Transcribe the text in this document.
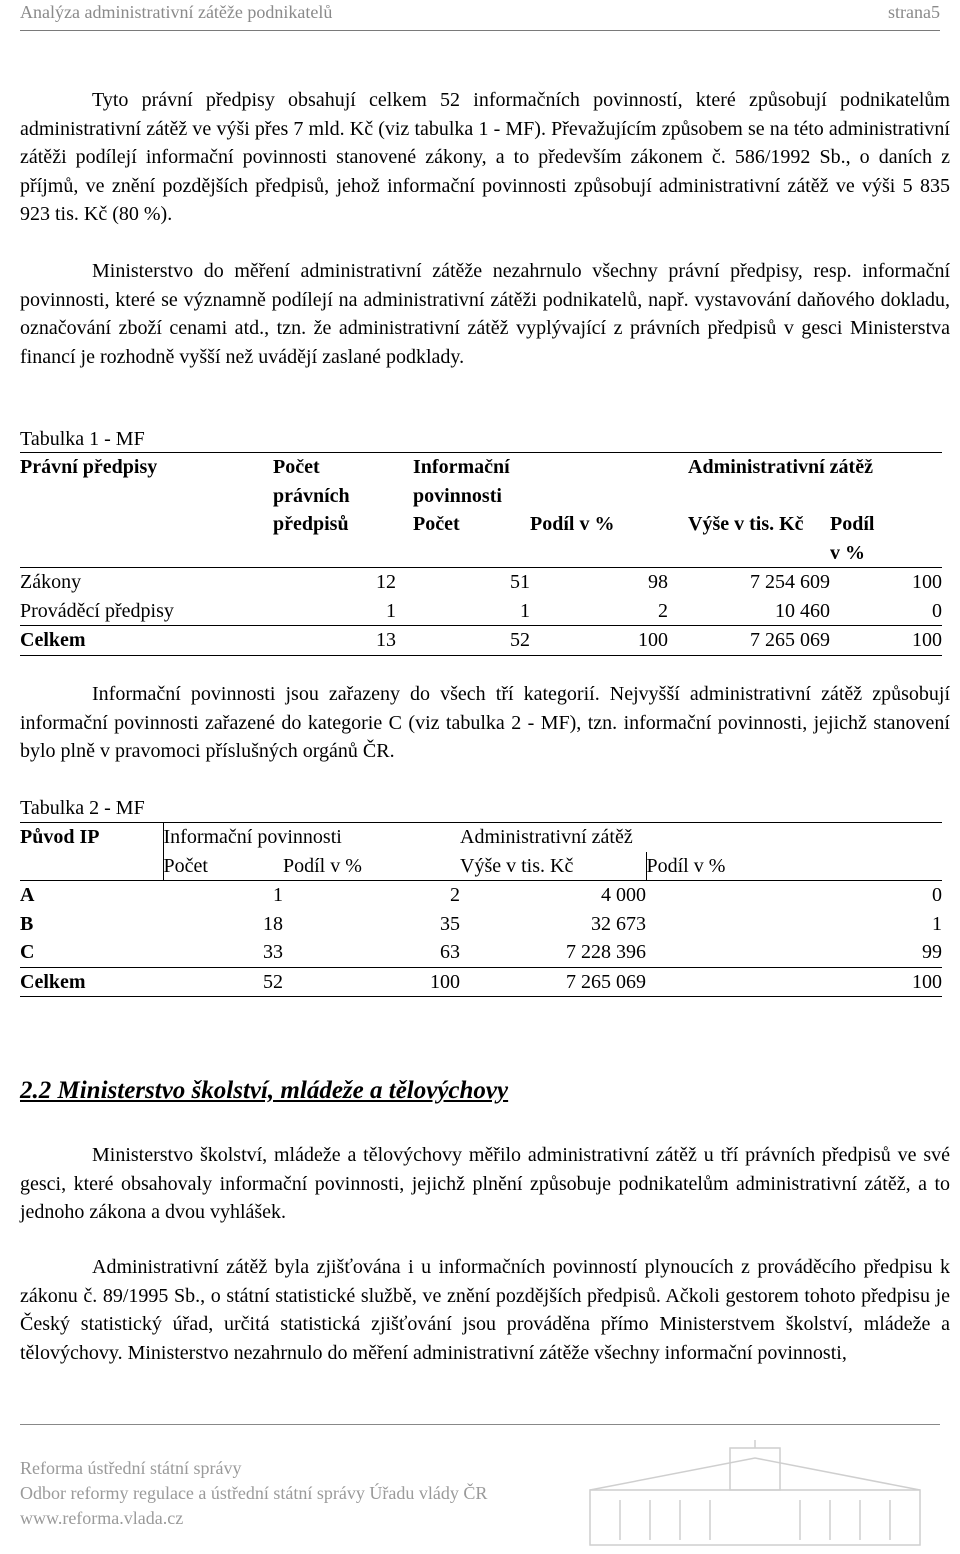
Analýza administrativní zátěže podnikatelů	strana5

Tyto právní předpisy obsahují celkem 52 informačních povinností, které způsobují podnikatelům administrativní zátěž ve výši přes 7 mld. Kč (viz tabulka 1 - MF). Převažujícím způsobem se na této administrativní zátěži podílejí informační povinnosti stanovené zákony, a to především zákonem č. 586/1992 Sb., o daních z příjmů, ve znění pozdějších předpisů, jehož informační povinnosti způsobují administrativní zátěž ve výši 5 835 923 tis. Kč (80 %).

Ministerstvo do měření administrativní zátěže nezahrnulo všechny právní předpisy, resp. informační povinnosti, které se významně podílejí na administrativní zátěži podnikatelů, např. vystavování daňového dokladu, označování zboží cenami atd., tzn. že administrativní zátěž vyplývající z právních předpisů v gesci Ministerstva financí je rozhodně vyšší než uvádějí zaslané podklady.

Tabulka 1 - MF
Právní předpisy	Počet		Informační			Administrativní zátěž	
	právních		povinnosti				
	předpisů		Počet	Podíl v %		Výše v tis. Kč	Podíl
							v %
Zákony	12		51	98		7 254 609	100
Prováděcí předpisy	1		1	2		10 460	0
Celkem	13		52	100		7 265 069	100

Informační povinnosti jsou zařazeny do všech tří kategorií. Nejvyšší administrativní zátěž způsobují informační povinnosti zařazené do kategorie C (viz tabulka 2 - MF), tzn. informační povinnosti, jejichž stanovení bylo plně v pravomoci příslušných orgánů ČR.

Tabulka 2 - MF
Původ IP	Informační povinnosti			Administrativní zátěž	
	Počet	Podíl v %		Výše v tis. Kč	Podíl v %
A	1		2	4 000	0
B	18		35	32 673	1
C	33		63	7 228 396	99
Celkem	52		100	7 265 069	100
2.2 Ministerstvo školství, mládeže a tělovýchovy

Ministerstvo školství, mládeže a tělovýchovy měřilo administrativní zátěž u tří právních předpisů ve své gesci, které obsahovaly informační povinnosti, jejichž plnění způsobuje podnikatelům administrativní zátěž, a to jednoho zákona a dvou vyhlášek.

Administrativní zátěž byla zjišťována i u informačních povinností plynoucích z prováděcího předpisu k zákonu č. 89/1995 Sb., o státní statistické službě, ve znění pozdějších předpisů. Ačkoli gestorem tohoto předpisu je Český statistický úřad, určitá statistická zjišťování jsou prováděna přímo Ministerstvem školství, mládeže a tělovýchovy. Ministerstvo nezahrnulo do měření administrativní zátěže všechny informační povinnosti,

Reforma ústřední státní správy
Odbor reformy regulace a ústřední státní správy Úřadu vlády ČR
www.reforma.vlada.cz
